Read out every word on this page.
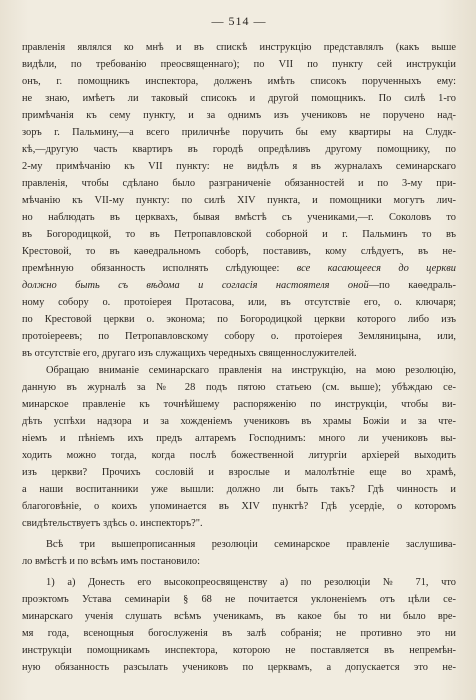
— 514 —
правленія являлся ко мнѣ и въ спискѣ инструкцію представлялъ (какъ выше
видѣли, по требованію преосвященнаго); по VII по пункту сей инструкціи
онъ, г. помощникъ инспектора, долженъ имѣть списокъ порученныхъ ему:
не знаю, имѣетъ ли таковый списокъ и другой помощникъ. По силѣ 1-го
примѣчанія къ сему пункту, и за однимъ изъ учениковъ не поручено над-
зоръ г. Пальмину,—а всего приличнѣе поручить бы ему квартиры на Слудк-
кѣ,—другую часть квартиръ въ городѣ опредѣливъ другому помощнику, по
2-му примѣчанію къ VII пункту: не видѣлъ я въ журналахъ семинарскаго
правленія, чтобы сдѣлано было разграниченіе обязанностей и по 3-му при-
мѣчанію къ VII-му пункту: по силѣ XIV пункта, и помощники могутъ лич-
но наблюдать въ церквахъ, бывая вмѣстѣ съ учениками,—г. Соколовъ то
въ Богородицкой, то въ Петропавловской соборной и г. Пальминъ то въ
Крестовой, то въ каѳедральномъ соборѣ, поставивъ, кому слѣдуетъ, въ не-
премѣнную обязанность исполнять слѣдующее: все касающееся до церкви
должно быть съ вѣдома и согласія настоятеля оной—по каѳедраль-
ному собору о. протоіерея Протасова, или, въ отсутствіе его, о. ключаря;
по Крестовой церкви о. эконома; по Богородицкой церкви которого либо изъ
протоіереевъ; по Петропавловскому собору о. протоіерея Земляницына, или,
въ отсутствіе его, другаго изъ служащихъ чередныхъ священнослужителей.
Обращаю вниманіе семинарскаго правленія на инструкцію, на мою резолюцію,
данную въ журналѣ за № 28 подъ пятою статьею (см. выше); убѣждаю се-
минарское правленіе къ точнѣйшему распоряженію по инструкціи, чтобы ви-
дѣть успѣхи надзора и за хожденіемъ учениковъ въ храмы Божіи и за чте-
ніемъ и пѣніемъ ихъ предъ алтаремъ Господнимъ: много ли учениковъ вы-
ходить можно тогда, когда послѣ божественной литургіи архіерей выходить
изъ церкви? Прочихъ сословій и взрослые и малолѣтніе еще во храмѣ,
а наши воспитанники уже вышли: должно ли быть такъ? Гдѣ чинность и
благоговѣніе, о коихъ упоминается въ XIV пунктѣ? Гдѣ усердіе, о которомъ
свидѣтельствуетъ здѣсь о. инспекторъ?".
Всѣ три вышепрописанныя резолюціи семинарское правленіе заслушива-
ло вмѣстѣ и по всѣмъ имъ постановило:
1) а) Донесть его высокопреосвященству а) по резолюціи № 71, что
проэктомъ Устава семинаріи § 68 не почитается уклоненіемъ отъ цѣли се-
минарскаго ученія слушать всѣмъ ученикамъ, въ какое бы то ни было вре-
мя года, всенощныя богослуженія въ залѣ собранія; не противно это ни
инструкціи помощникамъ инспектора, которою не поставляется въ непремѣн-
ную обязанность разсылать учениковъ по церквамъ, а допускается это не-
